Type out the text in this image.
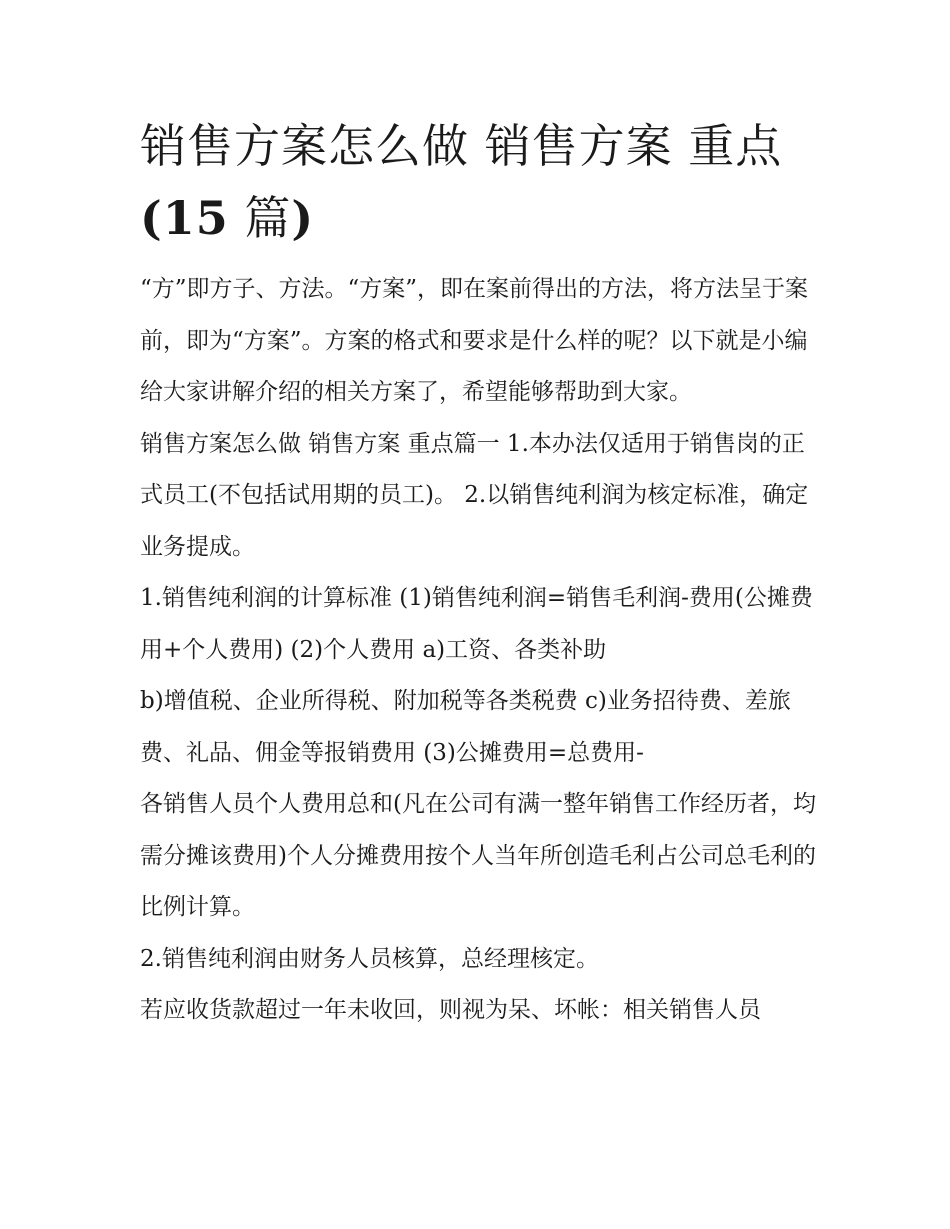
销售方案怎么做 销售方案 重点(15 篇)

“方”即方子、方法。“方案”，即在案前得出的方法，将方法呈于案前，即为“方案”。方案的格式和要求是什么样的呢？以下就是小编给大家讲解介绍的相关方案了，希望能够帮助到大家。

销售方案怎么做 销售方案 重点篇一 1.本办法仅适用于销售岗的正式员工(不包括试用期的员工)。 2.以销售纯利润为核定标准，确定业务提成。

1.销售纯利润的计算标准 (1)销售纯利润=销售毛利润-费用(公摊费用+个人费用) (2)个人费用 a)工资、各类补助

b)增值税、企业所得税、附加税等各类税费 c)业务招待费、差旅费、礼品、佣金等报销费用 (3)公摊费用=总费用-

各销售人员个人费用总和(凡在公司有满一整年销售工作经历者，均需分摊该费用)个人分摊费用按个人当年所创造毛利占公司总毛利的比例计算。

2.销售纯利润由财务人员核算，总经理核定。

若应收货款超过一年未收回，则视为呆、坏帐：相关销售人员
